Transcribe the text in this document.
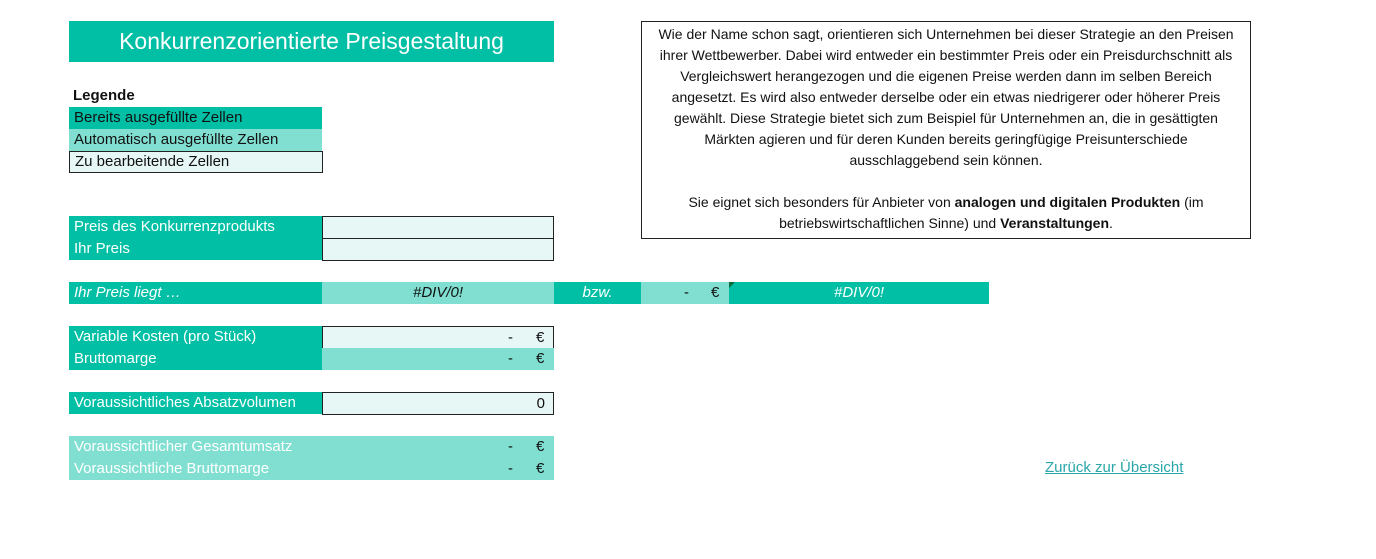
Konkurrenzorientierte Preisgestaltung
Legende
Bereits ausgefüllte Zellen
Automatisch ausgefüllte Zellen
Zu bearbeitende Zellen

Wie der Name schon sagt, orientieren sich Unternehmen bei dieser Strategie an den Preisen ihrer Wettbewerber. Dabei wird entweder ein bestimmter Preis oder ein Preisdurchschnitt als Vergleichswert herangezogen und die eigenen Preise werden dann im selben Bereich angesetzt. Es wird also entweder derselbe oder ein etwas niedrigerer oder höherer Preis gewählt. Diese Strategie bietet sich zum Beispiel für Unternehmen an, die in gesättigten Märkten agieren und für deren Kunden bereits geringfügige Preisunterschiede ausschlaggebend sein können.

Sie eignet sich besonders für Anbieter von analogen und digitalen Produkten (im betriebswirtschaftlichen Sinne) und Veranstaltungen.

Preis des Konkurrenzprodukts
Ihr Preis
Ihr Preis liegt …	#DIV/0!	bzw.	- €	#DIV/0!
Variable Kosten (pro Stück)	- €
Bruttomarge	- €
Voraussichtliches Absatzvolumen	0
Voraussichtlicher Gesamtumsatz	- €
Voraussichtliche Bruttomarge	- €	Zurück zur Übersicht
